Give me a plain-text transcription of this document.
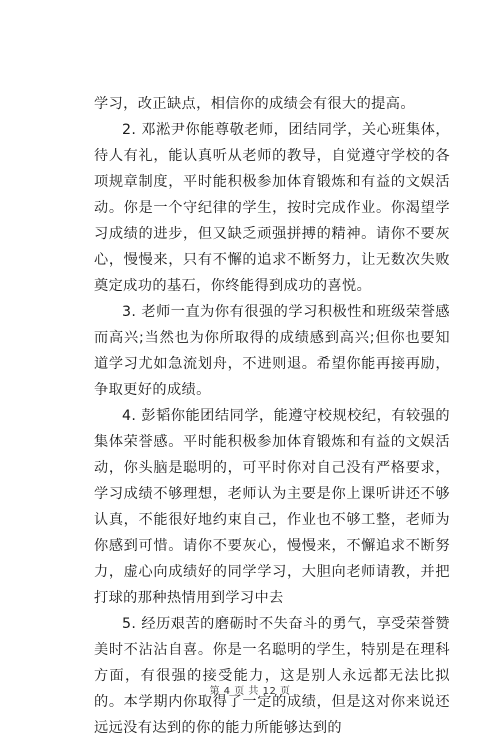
学习，改正缺点，相信你的成绩会有很大的提高。

2. 邓淞尹你能尊敬老师，团结同学，关心班集体，待人有礼，能认真听从老师的教导，自觉遵守学校的各项规章制度，平时能积极参加体育锻炼和有益的文娱活动。你是一个守纪律的学生，按时完成作业。你渴望学习成绩的进步，但又缺乏顽强拼搏的精神。请你不要灰心，慢慢来，只有不懈的追求不断努力，让无数次失败奠定成功的基石，你终能得到成功的喜悦。

3. 老师一直为你有很强的学习积极性和班级荣誉感而高兴;当然也为你所取得的成绩感到高兴;但你也要知道学习尤如急流划舟，不进则退。希望你能再接再励，争取更好的成绩。

4. 彭韬你能团结同学，能遵守校规校纪，有较强的集体荣誉感。平时能积极参加体育锻炼和有益的文娱活动，你头脑是聪明的，可平时你对自己没有严格要求，学习成绩不够理想，老师认为主要是你上课听讲还不够认真，不能很好地约束自己，作业也不够工整，老师为你感到可惜。请你不要灰心，慢慢来，不懈追求不断努力，虚心向成绩好的同学学习，大胆向老师请教，并把打球的那种热情用到学习中去

5. 经历艰苦的磨砺时不失奋斗的勇气，享受荣誉赞美时不沾沾自喜。你是一名聪明的学生，特别是在理科方面，有很强的接受能力，这是别人永远都无法比拟的。本学期内你取得了一定的成绩，但是这对你来说还远远没有达到的你的能力所能够达到的

第 4 页 共 12 页
